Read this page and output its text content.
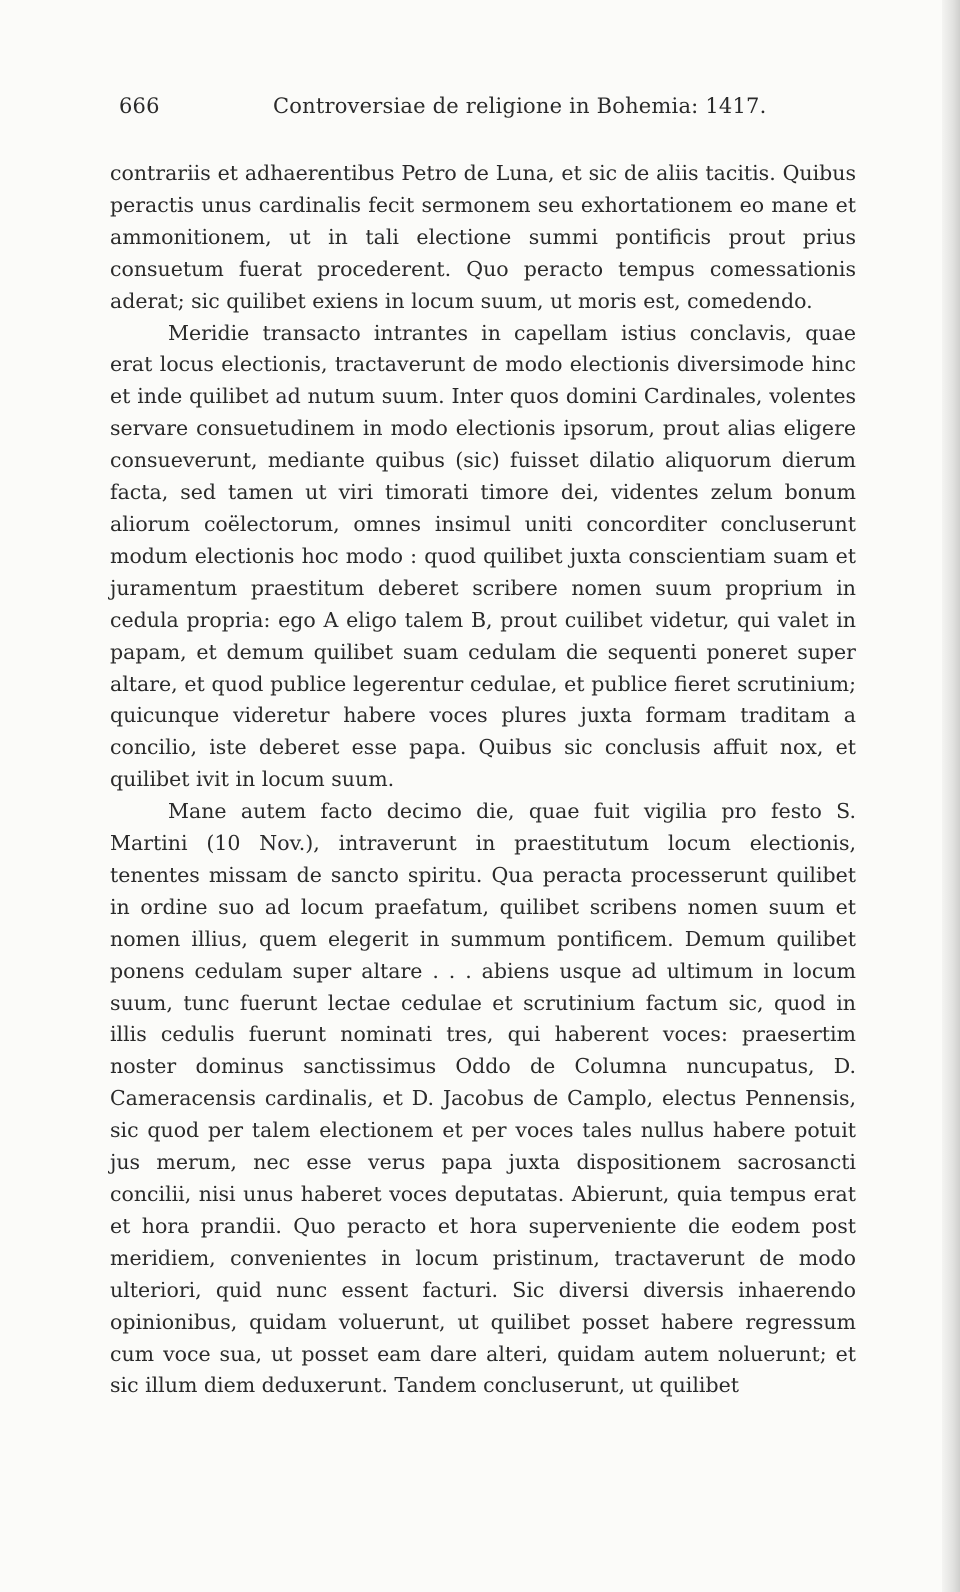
666	Controversiae de religione in Bohemia: 1417.

contrariis et adhaerentibus Petro de Luna, et sic de aliis tacitis. Quibus peractis unus cardinalis fecit sermonem seu exhortationem eo mane et ammonitionem, ut in tali electione summi pontificis prout prius consuetum fuerat procederent. Quo peracto tempus comessationis aderat; sic quilibet exiens in locum suum, ut moris est, comedendo.

Meridie transacto intrantes in capellam istius conclavis, quae erat locus electionis, tractaverunt de modo electionis diversimode hinc et inde quilibet ad nutum suum. Inter quos domini Cardinales, volentes servare consuetudinem in modo electionis ipsorum, prout alias eligere consueverunt, mediante quibus (sic) fuisset dilatio aliquorum dierum facta, sed tamen ut viri timorati timore dei, videntes zelum bonum aliorum coëlectorum, omnes insimul uniti concorditer concluserunt modum electionis hoc modo : quod quilibet juxta conscientiam suam et juramentum praestitum deberet scribere nomen suum proprium in cedula propria: ego A eligo talem B, prout cuilibet videtur, qui valet in papam, et demum quilibet suam cedulam die sequenti poneret super altare, et quod publice legerentur cedulae, et publice fieret scrutinium; quicunque videretur habere voces plures juxta formam traditam a concilio, iste deberet esse papa. Quibus sic conclusis affuit nox, et quilibet ivit in locum suum.

Mane autem facto decimo die, quae fuit vigilia pro festo S. Martini (10 Nov.), intraverunt in praestitutum locum electionis, tenentes missam de sancto spiritu. Qua peracta processerunt quilibet in ordine suo ad locum praefatum, quilibet scribens nomen suum et nomen illius, quem elegerit in summum pontificem. Demum quilibet ponens cedulam super altare . . . abiens usque ad ultimum in locum suum, tunc fuerunt lectae cedulae et scrutinium factum sic, quod in illis cedulis fuerunt nominati tres, qui haberent voces: praesertim noster dominus sanctissimus Oddo de Columna nuncupatus, D. Cameracensis cardinalis, et D. Jacobus de Camplo, electus Pennensis, sic quod per talem electionem et per voces tales nullus habere potuit jus merum, nec esse verus papa juxta dispositionem sacrosancti concilii, nisi unus haberet voces deputatas. Abierunt, quia tempus erat et hora prandii. Quo peracto et hora superveniente die eodem post meridiem, convenientes in locum pristinum, tractaverunt de modo ulteriori, quid nunc essent facturi. Sic diversi diversis inhaerendo opinionibus, quidam voluerunt, ut quilibet posset habere regressum cum voce sua, ut posset eam dare alteri, quidam autem noluerunt; et sic illum diem deduxerunt. Tandem concluserunt, ut quilibet
